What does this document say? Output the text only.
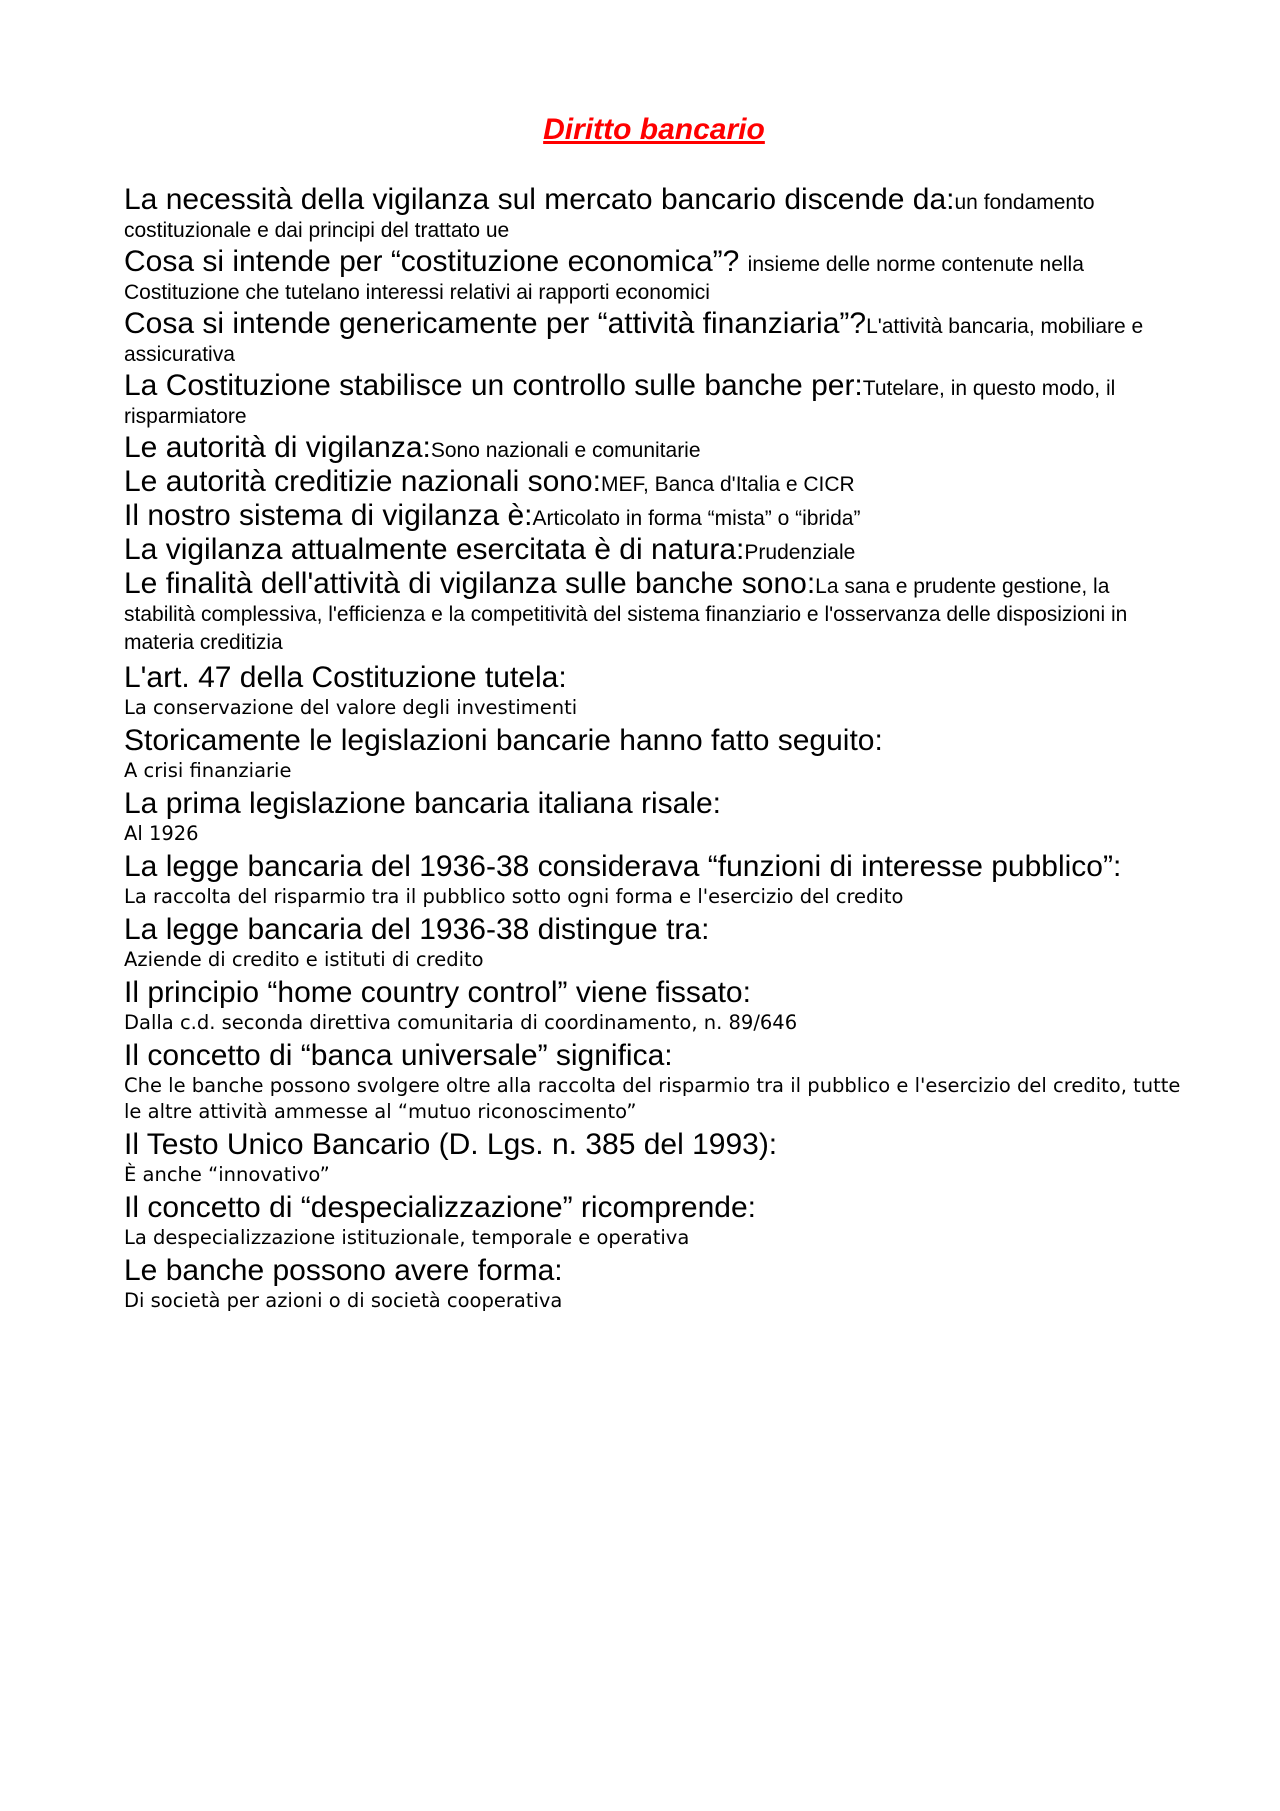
Diritto bancario
La necessità della vigilanza sul mercato bancario discende da:un fondamento costituzionale e dai principi del trattato ue
Cosa si intende per “costituzione economica”? insieme delle norme contenute nella Costituzione che tutelano interessi relativi ai rapporti economici
Cosa si intende genericamente per “attività finanziaria”?L'attività bancaria, mobiliare e assicurativa
La Costituzione stabilisce un controllo sulle banche per:Tutelare, in questo modo, il risparmiatore
Le autorità di vigilanza:Sono nazionali e comunitarie
Le autorità creditizie nazionali sono:MEF, Banca d'Italia e CICR
Il nostro sistema di vigilanza è:Articolato in forma “mista” o “ibrida”
La vigilanza attualmente esercitata è di natura:Prudenziale
Le finalità dell'attività di vigilanza sulle banche sono:La sana e prudente gestione, la stabilità complessiva, l'efficienza e la competitività del sistema finanziario e l'osservanza delle disposizioni in materia creditizia
L'art. 47 della Costituzione tutela:
La conservazione del valore degli investimenti
Storicamente le legislazioni bancarie hanno fatto seguito:
A crisi finanziarie
La prima legislazione bancaria italiana risale:
Al 1926
La legge bancaria del 1936-38 considerava “funzioni di interesse pubblico”:
La raccolta del risparmio tra il pubblico sotto ogni forma e l'esercizio del credito
La legge bancaria del 1936-38 distingue tra:
Aziende di credito e istituti di credito
Il principio “home country control” viene fissato:
Dalla c.d. seconda direttiva comunitaria di coordinamento, n. 89/646
Il concetto di “banca universale” significa:
Che le banche possono svolgere oltre alla raccolta del risparmio tra il pubblico e l'esercizio del credito, tutte le altre attività ammesse al “mutuo riconoscimento”
Il Testo Unico Bancario (D. Lgs. n. 385 del 1993):
È anche “innovativo”
Il concetto di “despecializzazione” ricomprende:
La despecializzazione istituzionale, temporale e operativa
Le banche possono avere forma:
Di società per azioni o di società cooperativa
